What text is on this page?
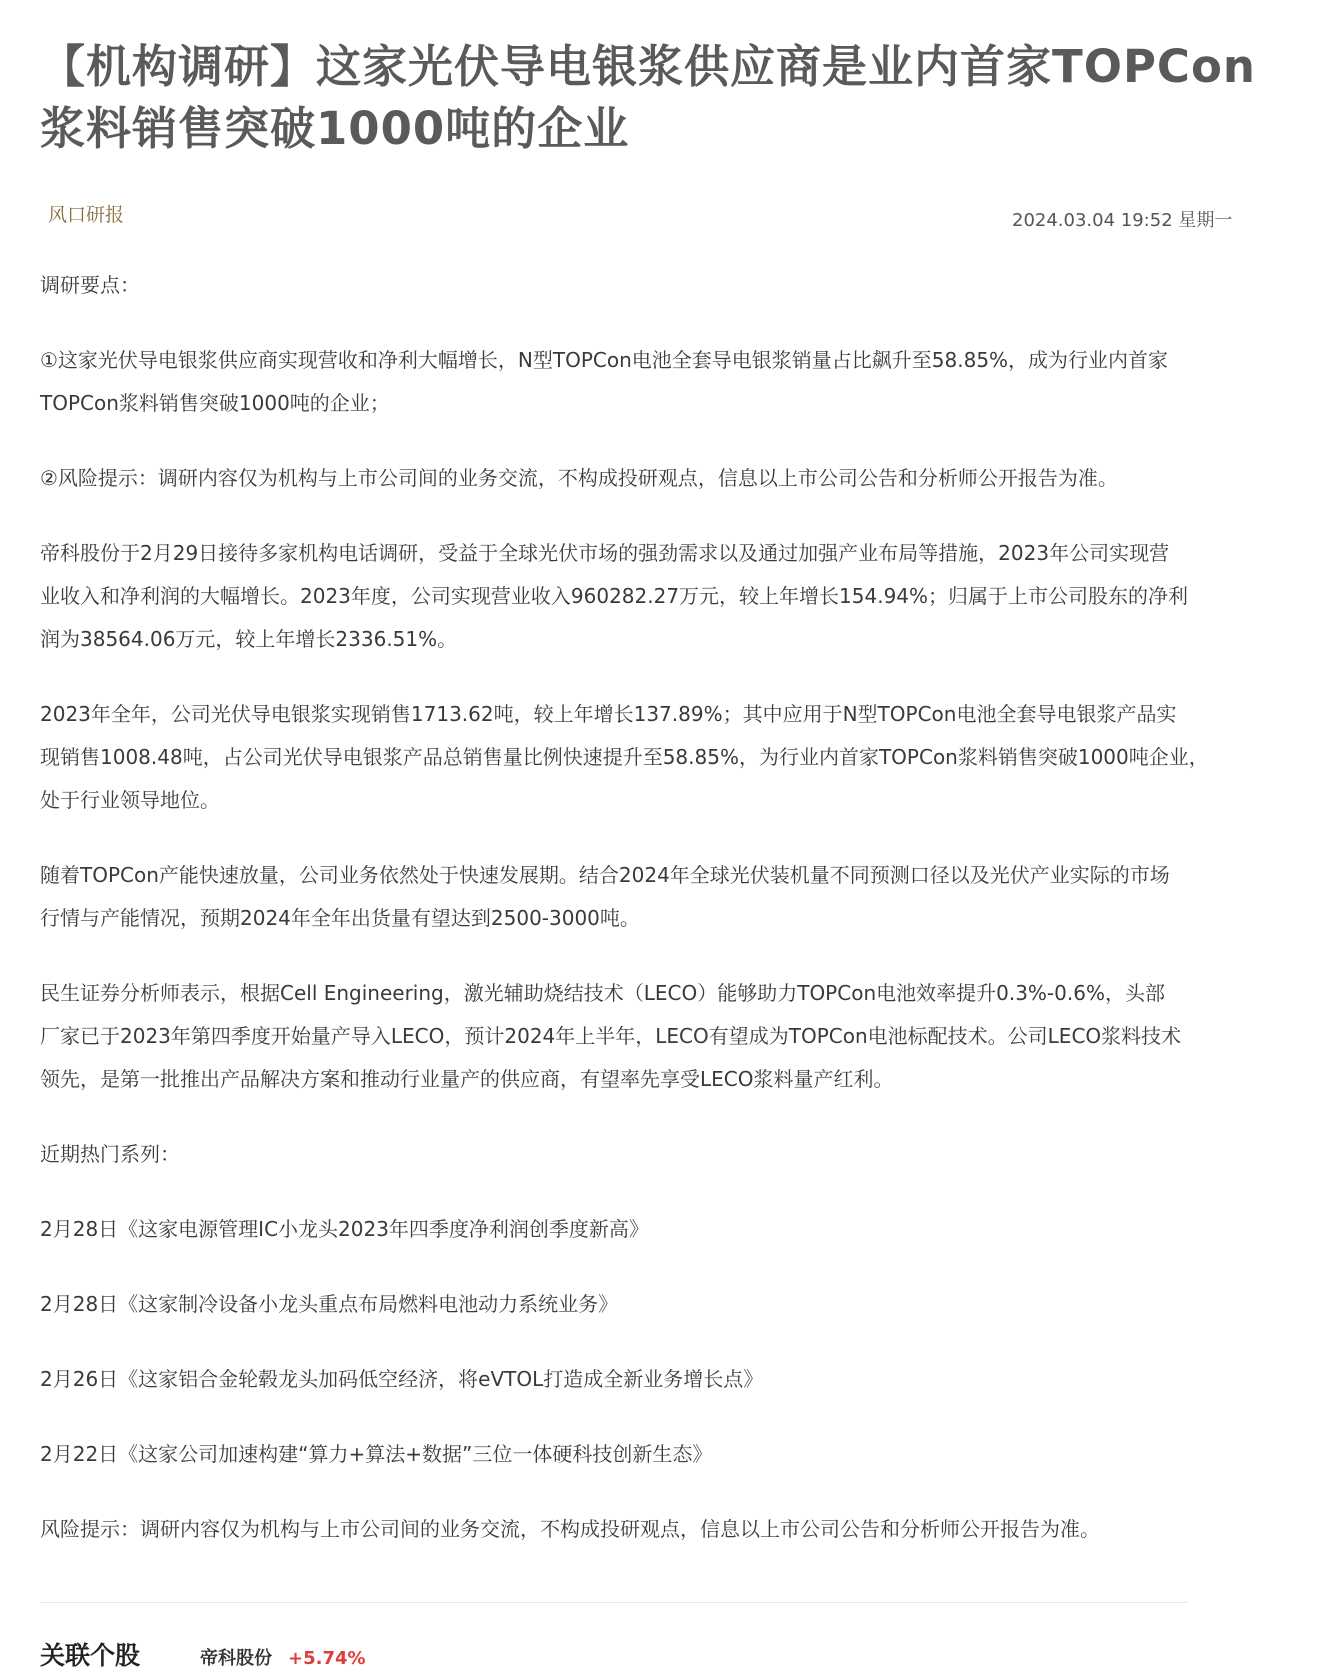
【机构调研】这家光伏导电银浆供应商是业内首家TOPCon
浆料销售突破1000吨的企业
风口研报	2024.03.04 19:52 星期一

调研要点：

①这家光伏导电银浆供应商实现营收和净利大幅增长，N型TOPCon电池全套导电银浆销量占比飙升至58.85%，成为行业内首家
TOPCon浆料销售突破1000吨的企业；

②风险提示：调研内容仅为机构与上市公司间的业务交流，不构成投研观点，信息以上市公司公告和分析师公开报告为准。

帝科股份于2月29日接待多家机构电话调研，受益于全球光伏市场的强劲需求以及通过加强产业布局等措施，2023年公司实现营
业收入和净利润的大幅增长。2023年度，公司实现营业收入960282.27万元，较上年增长154.94%；归属于上市公司股东的净利
润为38564.06万元，较上年增长2336.51%。

2023年全年，公司光伏导电银浆实现销售1713.62吨，较上年增长137.89%；其中应用于N型TOPCon电池全套导电银浆产品实
现销售1008.48吨，占公司光伏导电银浆产品总销售量比例快速提升至58.85%，为行业内首家TOPCon浆料销售突破1000吨企业，
处于行业领导地位。

随着TOPCon产能快速放量，公司业务依然处于快速发展期。结合2024年全球光伏装机量不同预测口径以及光伏产业实际的市场
行情与产能情况，预期2024年全年出货量有望达到2500-3000吨。

民生证券分析师表示，根据Cell Engineering，激光辅助烧结技术（LECO）能够助力TOPCon电池效率提升0.3%-0.6%，头部
厂家已于2023年第四季度开始量产导入LECO，预计2024年上半年，LECO有望成为TOPCon电池标配技术。公司LECO浆料技术
领先，是第一批推出产品解决方案和推动行业量产的供应商，有望率先享受LECO浆料量产红利。

近期热门系列：

2月28日《这家电源管理IC小龙头2023年四季度净利润创季度新高》

2月28日《这家制冷设备小龙头重点布局燃料电池动力系统业务》

2月26日《这家铝合金轮毂龙头加码低空经济，将eVTOL打造成全新业务增长点》

2月22日《这家公司加速构建“算力+算法+数据”三位一体硬科技创新生态》

风险提示：调研内容仅为机构与上市公司间的业务交流，不构成投研观点，信息以上市公司公告和分析师公开报告为准。

关联个股	帝科股份 +5.74%
